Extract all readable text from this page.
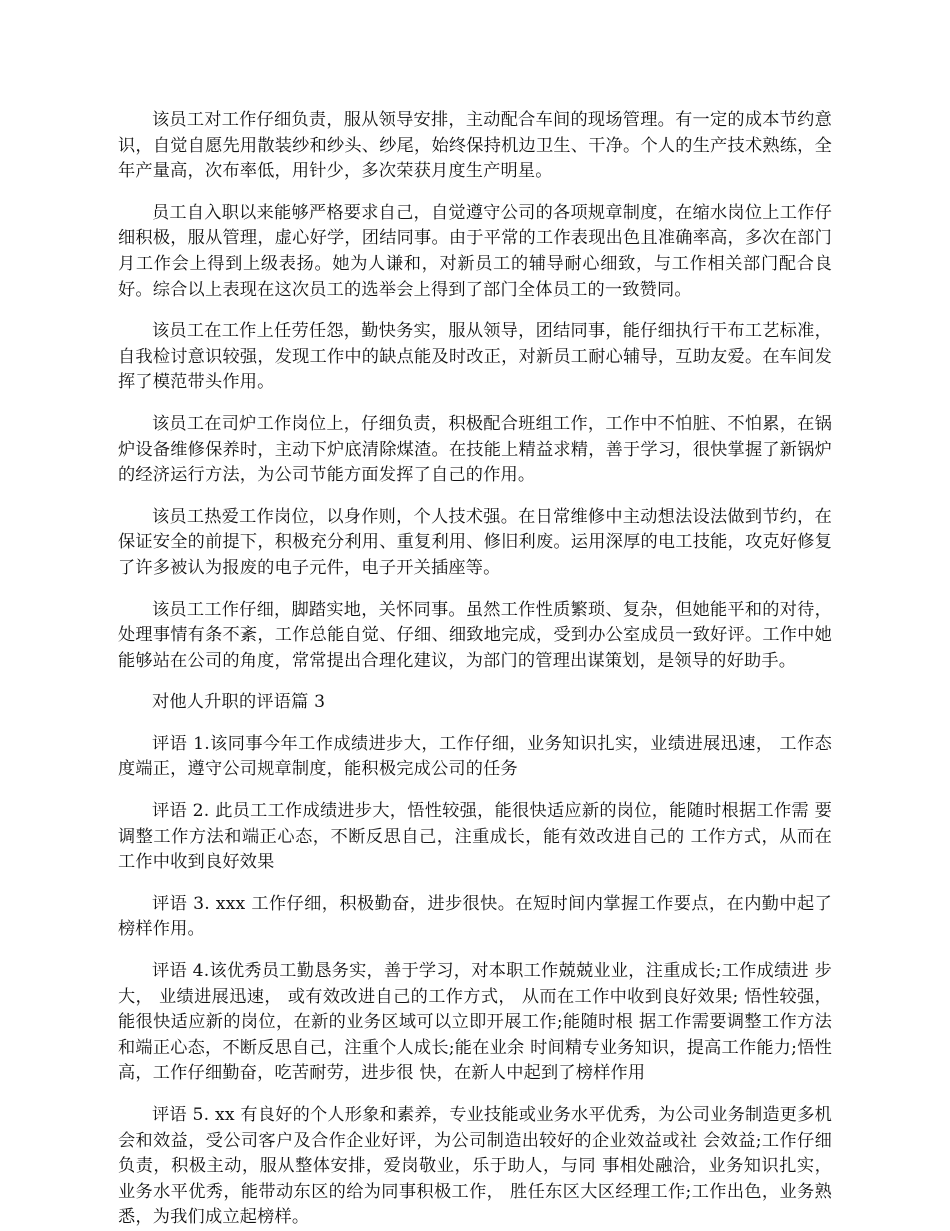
该员工对工作仔细负责，服从领导安排，主动配合车间的现场管理。有一定的成本节约意识，自觉自愿先用散装纱和纱头、纱尾，始终保持机边卫生、干净。个人的生产技术熟练，全年产量高，次布率低，用针少，多次荣获月度生产明星。

员工自入职以来能够严格要求自己，自觉遵守公司的各项规章制度，在缩水岗位上工作仔细积极，服从管理，虚心好学，团结同事。由于平常的工作表现出色且准确率高，多次在部门月工作会上得到上级表扬。她为人谦和，对新员工的辅导耐心细致，与工作相关部门配合良好。综合以上表现在这次员工的选举会上得到了部门全体员工的一致赞同。

该员工在工作上任劳任怨，勤快务实，服从领导，团结同事，能仔细执行干布工艺标准，自我检讨意识较强，发现工作中的缺点能及时改正，对新员工耐心辅导，互助友爱。在车间发挥了模范带头作用。

该员工在司炉工作岗位上，仔细负责，积极配合班组工作，工作中不怕脏、不怕累，在锅炉设备维修保养时，主动下炉底清除煤渣。在技能上精益求精，善于学习，很快掌握了新锅炉的经济运行方法，为公司节能方面发挥了自己的作用。

该员工热爱工作岗位，以身作则，个人技术强。在日常维修中主动想法设法做到节约，在保证安全的前提下，积极充分利用、重复利用、修旧利废。运用深厚的电工技能，攻克好修复了许多被认为报废的电子元件，电子开关插座等。

该员工工作仔细，脚踏实地，关怀同事。虽然工作性质繁琐、复杂，但她能平和的对待，处理事情有条不紊，工作总能自觉、仔细、细致地完成，受到办公室成员一致好评。工作中她能够站在公司的角度，常常提出合理化建议，为部门的管理出谋策划，是领导的好助手。

对他人升职的评语篇 3

评语 1.该同事今年工作成绩进步大，工作仔细，业务知识扎实，业绩进展迅速， 工作态度端正，遵守公司规章制度，能积极完成公司的任务

评语 2. 此员工工作成绩进步大，悟性较强，能很快适应新的岗位，能随时根据工作需 要调整工作方法和端正心态，不断反思自己，注重成长，能有效改进自己的 工作方式，从而在工作中收到良好效果

评语 3. xxx 工作仔细，积极勤奋，进步很快。在短时间内掌握工作要点，在内勤中起了榜样作用。

评语 4.该优秀员工勤恳务实，善于学习，对本职工作兢兢业业，注重成长;工作成绩进 步大， 业绩进展迅速， 或有效改进自己的工作方式， 从而在工作中收到良好效果; 悟性较强，能很快适应新的岗位，在新的业务区域可以立即开展工作;能随时根 据工作需要调整工作方法和端正心态，不断反思自己，注重个人成长;能在业余 时间精专业务知识，提高工作能力;悟性高，工作仔细勤奋，吃苦耐劳，进步很 快，在新人中起到了榜样作用

评语 5. xx 有良好的个人形象和素养，专业技能或业务水平优秀，为公司业务制造更多机会和效益，受公司客户及合作企业好评，为公司制造出较好的企业效益或社 会效益;工作仔细负责，积极主动，服从整体安排，爱岗敬业，乐于助人，与同 事相处融洽，业务知识扎实，业务水平优秀，能带动东区的给为同事积极工作， 胜任东区大区经理工作;工作出色，业务熟悉，为我们成立起榜样。
